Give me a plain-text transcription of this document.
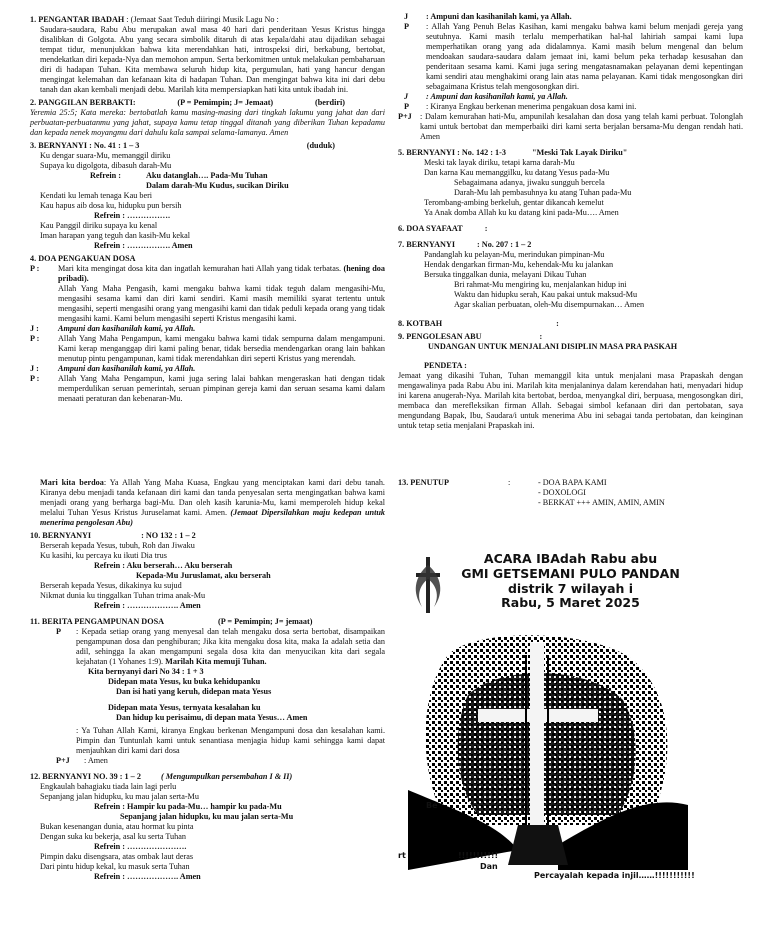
1. PENGANTAR IBADAH : (Jemaat Saat Teduh diiringi Musik Lagu No :

Saudara-saudara, Rabu Abu merupakan awal masa 40 hari dari penderitaan Yesus Kristus hingga disalibkan di Golgota. Abu yang secara simbolik ditaruh di atas kepala/dahi atau dijadikan sebagai tempat tidur, menunjukkan bahwa kita merendahkan hati, introspeksi diri, berkabung, bertobat, mendekatkan diri kepada-Nya dan memohon ampun. Serta berkomitmen untuk melakukan pembaharuan diri di hadapan Tuhan. Kita membawa seluruh hidup kita, pergumulan, hati yang hancur dengan mengingat kelemahan dan kefanaan kita di hadapan Tuhan. Dan mengingat bahwa kita ini dari debu tanah dan akan kembali menjadi debu. Marilah kita mempersiapkan hati kita untuk ibadah ini.

2. PANGGILAN BERBAKTI:	(P = Pemimpin; J= Jemaat)	(berdiri)

Yeremia 25:5; Kata mereka: bertobatlah kamu masing-masing dari tingkah lakumu yang jahat dan dari perbuatan-perbuatanmu yang jahat, supaya kamu tetap tinggal ditanah yang diberikan Tuhan kepadamu dan kepada nenek moyangmu dari dahulu kala sampai selama-lamanya. Amen

3. BERNYANYI : No. 41 : 1 – 3	(duduk)

Ku dengar suara-Mu, memanggil diriku

Supaya ku digolgota, dibasuh darah-Mu

Refrein :	Aku datanglah…. Pada-Mu Tuhan

Dalam darah-Mu Kudus, sucikan Diriku

Kendati ku lemah tenaga Kau beri

Kau hapus aib dosa ku, hidupku pun bersih

Refrein : …………….

Kau Panggil diriku supaya ku kenal

Iman harapan yang teguh dan kasih-Mu kekal

Refrein : ……………. Amen

4. DOA PENGAKUAN DOSA

P :	Mari kita mengingat dosa kita dan ingatlah kemurahan hati Allah yang tidak terbatas. (hening doa pribadi).

Allah Yang Maha Pengasih, kami mengaku bahwa kami tidak teguh dalam mengasihi-Mu, mengasihi sesama kami dan diri kami sendiri. Kami masih memiliki syarat tertentu untuk mengasihi, seperti mengasihi orang yang mengasihi kami dan tidak peduli kepada orang yang tidak mengasihi kami. Kami belum mengasihi seperti Kristus mengasihi kami.

J :	Ampuni dan kasihanilah kami, ya Allah.
P :	Allah Yang Maha Pengampun, kami mengaku bahwa kami tidak sempurna dalam mengampuni. Kami kerap menganggap diri kami paling benar, tidak bersedia mendengarkan orang lain bahkan menutup pintu pengampunan, kami tidak merendahkan diri seperti Kristus yang merendah.

J :	Ampuni dan kasihanilah kami, ya Allah.
P :	Allah Yang Maha Pengampun, kami juga sering lalai bahkan mengeraskan hati dengan tidak memperdulikan seruan pemerintah, seruan pimpinan gereja kami dan seruan sesama kami dalam menaati peraturan dan kebenaran-Mu.

J	: Ampuni dan kasihanilah kami, ya Allah.
P	: Allah Yang Penuh Belas Kasihan, kami mengaku bahwa kami belum menjadi gereja yang seutuhnya. Kami masih terlalu memperhatikan hal-hal lahiriah sampai kami lupa memperhatikan orang yang ada didalamnya. Kami masih belum mengenal dan belum mendoakan saudara-saudara dalam jemaat ini, kami belum peka terhadap kesusahan dan penderitaan sesama kami. Kami juga sering mengatasnamakan pelayanan demi kepentingan kami sendiri atau menghakimi orang lain atas nama pelayanan. Kami tidak mengosongkan diri sebagaimana Kristus telah mengosongkan diri.

J	: Ampuni dan kasihanilah kami, ya Allah.
P	: Kiranya Engkau berkenan menerima pengakuan dosa kami ini.
P+J	: Dalam kemurahan hati-Mu, ampunilah kesalahan dan dosa yang telah kami perbuat. Tolonglah kami untuk bertobat dan memperbaiki diri kami serta berjalan bersama-Mu dengan rendah hati. Amen

5. BERNYANYI : No. 142 : 1-3	"Meski Tak Layak Diriku"

Meski tak layak diriku, tetapi karna darah-Mu

Dan karna Kau memanggilku, ku datang Yesus pada-Mu

Sebagaimana adanya, jiwaku sungguh bercela

Darah-Mu lah pembasuhnya ku atang Tuhan pada-Mu

Terombang-ambing berkeluh, gentar dikancah kemelut

Ya Anak domba Allah ku ku datang kini pada-Mu…. Amen

6. DOA SYAFAAT	:

7. BERNYANYI	: No. 207 : 1 – 2

Pandanglah ku pelayan-Mu, merindukan pimpinan-Mu

Hendak dengarkan firman-Mu, kehendak-Mu ku jalankan

Bersuka tinggalkan dunia, melayani Dikau Tuhan

Bri rahmat-Mu mengiring ku, menjalankan hidup ini

Waktu dan hidupku serah, Kau pakai untuk maksud-Mu

Agar skalian perbuatan, oleh-Mu disempurnakan… Amen

8. KOTBAH	:

9. PENGOLESAN ABU	:

UNDANGAN UNTUK MENJALANI DISIPLIN MASA PRA PASKAH

PENDETA :

Jemaat yang dikasihi Tuhan, Tuhan memanggil kita untuk menjalani masa Prapaskah dengan mengawalinya pada Rabu Abu ini. Marilah kita menjalaninya dalam kerendahan hati, menyadari hidup ini karena anugerah-Nya. Marilah kita bertobat, berdoa, menyangkal diri, berpuasa, mengosongkan diri, membaca dan merefleksikan firman Allah. Sebagai simbol kefanaan diri dan pertobatan, saya mengundang Bapak, Ibu, Saudara/i untuk menerima Abu ini sebagai tanda pertobatan, dan keinginan untuk tetap setia menjalani Prapaskah ini.

Mari kita berdoa: Ya Allah Yang Maha Kuasa, Engkau yang menciptakan kami dari debu tanah. Kiranya debu menjadi tanda kefanaan diri kami dan tanda penyesalan serta mengingatkan bahwa kami menjadi orang yang berharga bagi-Mu. Dan oleh kasih karunia-Mu, kami memperoleh hidup kekal melalui Tuhan Yesus Kristus Juruselamat kami. Amen. (Jemaat Dipersilahkan maju kedepan untuk menerima pengolesan Abu)

10. BERNYANYI	: NO 132 : 1 – 2

Berserah kepada Yesus, tubuh, Roh dan Jiwaku

Ku kasihi, ku percaya ku ikuti Dia trus

Refrein : Aku berserah… Aku berserah

Kepada-Mu Juruslamat, aku berserah

Berserah kepada Yesus, dikakinya ku sujud

Nikmat dunia ku tinggalkan Tuhan trima anak-Mu

Refrein : ………………. Amen

11. BERITA PENGAMPUNAN DOSA	(P = Pemimpin; J= jemaat)
P	: Kepada setiap orang yang menyesal dan telah mengaku dosa serta bertobat, disampaikan pengampunan dosa dan penghiburan; Jika kita mengaku dosa kita, maka Ia adalah setia dan adil, sehingga Ia akan mengampuni segala dosa kita dan menyucikan kita dari segala kejahatan (1 Yohanes 1:9). Marilah Kita memuji Tuhan.

Kita bernyanyi dari No 34 : 1 + 3

Didepan mata Yesus, ku buka kehidupanku

Dan isi hati yang keruh, didepan mata Yesus

Didepan mata Yesus, ternyata kesalahan ku

Dan hidup ku perisaimu, di depan mata Yesus… Amen

: Ya Tuhan Allah Kami, kiranya Engkau berkenan Mengampuni dosa dan kesalahan kami. Pimpin dan Tuntunlah kami untuk senantiasa menjagia hidup kami sehingga kami dapat menjauhkan diri kami dari dosa

P+J	: Amen

12. BERNYANYI NO. 39 : 1 – 2 ( Mengumpulkan persembahan I & II)

Engkaulah bahagiaku tiada lain lagi perlu

Sepanjang jalan hidupku, ku mau jalan serta-Mu

Refrein : Hampir ku pada-Mu… hampir ku pada-Mu

Sepanjang jalan hidupku, ku mau jalan serta-Mu

Bukan kesenangan dunia, atau hormat ku pinta

Dengan suka ku bekerja, asal ku serta Tuhan

Refrein : ………………….

Pimpin daku disengsara, atas ombak laut deras

Dari pintu hidup kekal, ku masuk serta Tuhan

Refrein : ………………. Amen

13. PENUTUP	:	- DOA BAPA KAMI

- DOXOLOGI

- BERKAT +++ AMIN, AMIN, AMIN

ACARA IBAdah Rabu abu

GMI GETSEMANI PULO PANDAN

distrik 7 wilayah i

Rabu, 5 Maret 2025

Be
rt	!!!!!!!!!!!
Dan
Percayalah kepada injil……!!!!!!!!!!!
